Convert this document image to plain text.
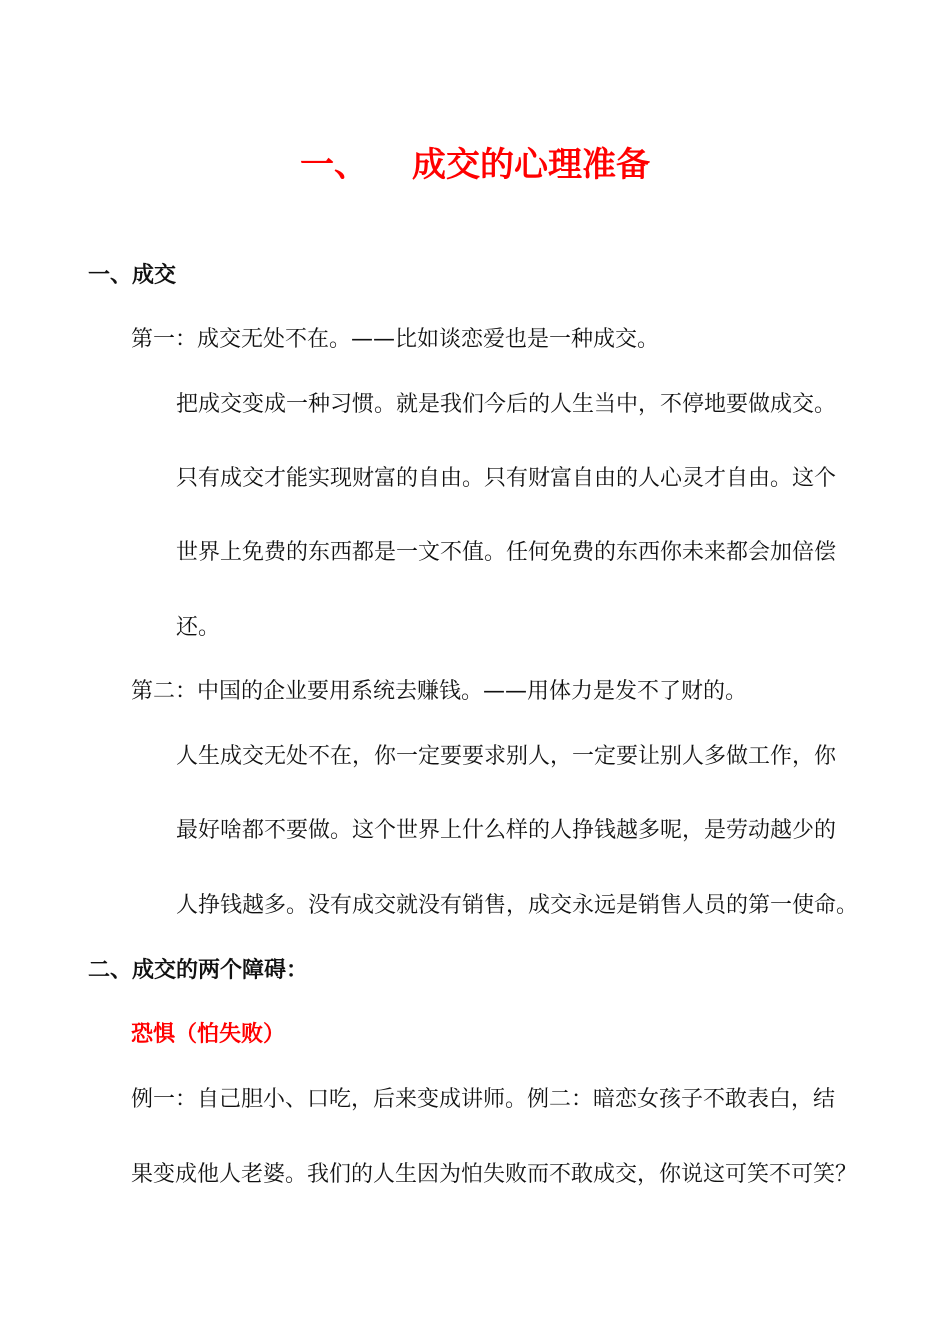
一、 成交的心理准备
一、成交
第一：成交无处不在。——比如谈恋爱也是一种成交。
把成交变成一种习惯。就是我们今后的人生当中，不停地要做成交。
只有成交才能实现财富的自由。只有财富自由的人心灵才自由。这个
世界上免费的东西都是一文不值。任何免费的东西你未来都会加倍偿
还。
第二：中国的企业要用系统去赚钱。——用体力是发不了财的。
人生成交无处不在，你一定要要求别人，一定要让别人多做工作，你
最好啥都不要做。这个世界上什么样的人挣钱越多呢，是劳动越少的
人挣钱越多。没有成交就没有销售，成交永远是销售人员的第一使命。
二、成交的两个障碍：
恐惧（怕失败）
例一：自己胆小、口吃，后来变成讲师。例二：暗恋女孩子不敢表白，结
果变成他人老婆。我们的人生因为怕失败而不敢成交，你说这可笑不可笑？
